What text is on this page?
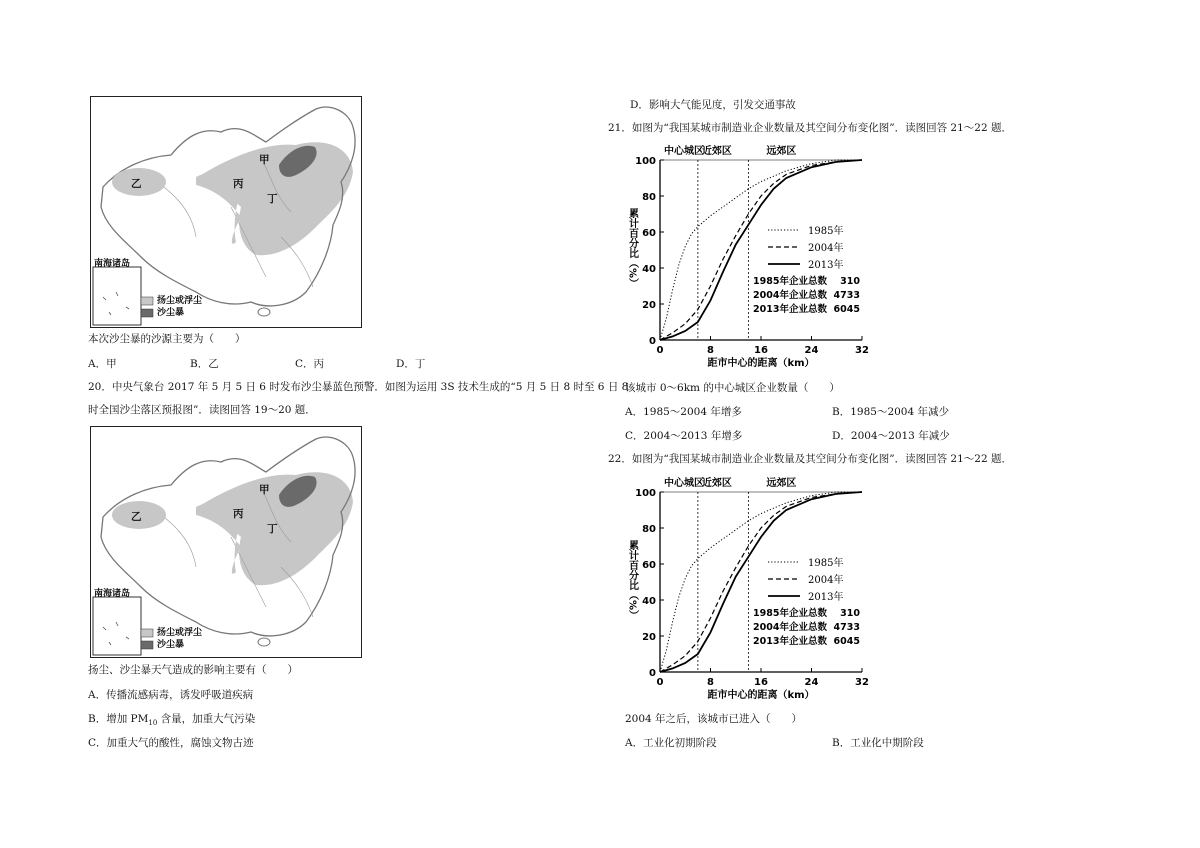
甲
乙	丙
丁
南海诸岛
扬尘或浮尘
沙尘暴
本次沙尘暴的沙源主要为（　　）
A．甲	B．乙	C．丙	D．丁
20．中央气象台 2017 年 5 月 5 日 6 时发布沙尘暴蓝色预警．如图为运用 3S 技术生成的“5 月 5 日 8 时至 6 日 8
时全国沙尘落区预报图”．读图回答 19～20 题．
甲
乙	丙
丁
南海诸岛
扬尘或浮尘
沙尘暴
扬尘、沙尘暴天气造成的影响主要有（　　）
A．传播流感病毒，诱发呼吸道疾病
B．增加 $PM_{10}$ 含量，加重大气污染
C．加重大气的酸性，腐蚀文物古迹
D．影响大气能见度，引发交通事故
21．如图为“我国某城市制造业企业数量及其空间分布变化图”．读图回答 21～22 题．
中心城区
近郊区	远郊区
0
20
40
60
80
100
0	8	16	24	32
累计百分比（%）
距市中心的距离（km）
1985年
2004年
2013年
1985年企业总数 310
2004年企业总数 4733
2013年企业总数 6045
该城市 0～6km 的中心城区企业数量（　　）
A．1985～2004 年增多	B．1985～2004 年减少
C．2004～2013 年增多	D．2004～2013 年减少
22．如图为“我国某城市制造业企业数量及其空间分布变化图”．读图回答 21～22 题．
中心城区
近郊区	远郊区
0
20
40
60
80
100
0	8	16	24	32
累计百分比（%）
距市中心的距离（km）
1985年
2004年
2013年
1985年企业总数 310
2004年企业总数 4733
2013年企业总数 6045
2004 年之后，该城市已进入（　　）
A．工业化初期阶段	B．工业化中期阶段
